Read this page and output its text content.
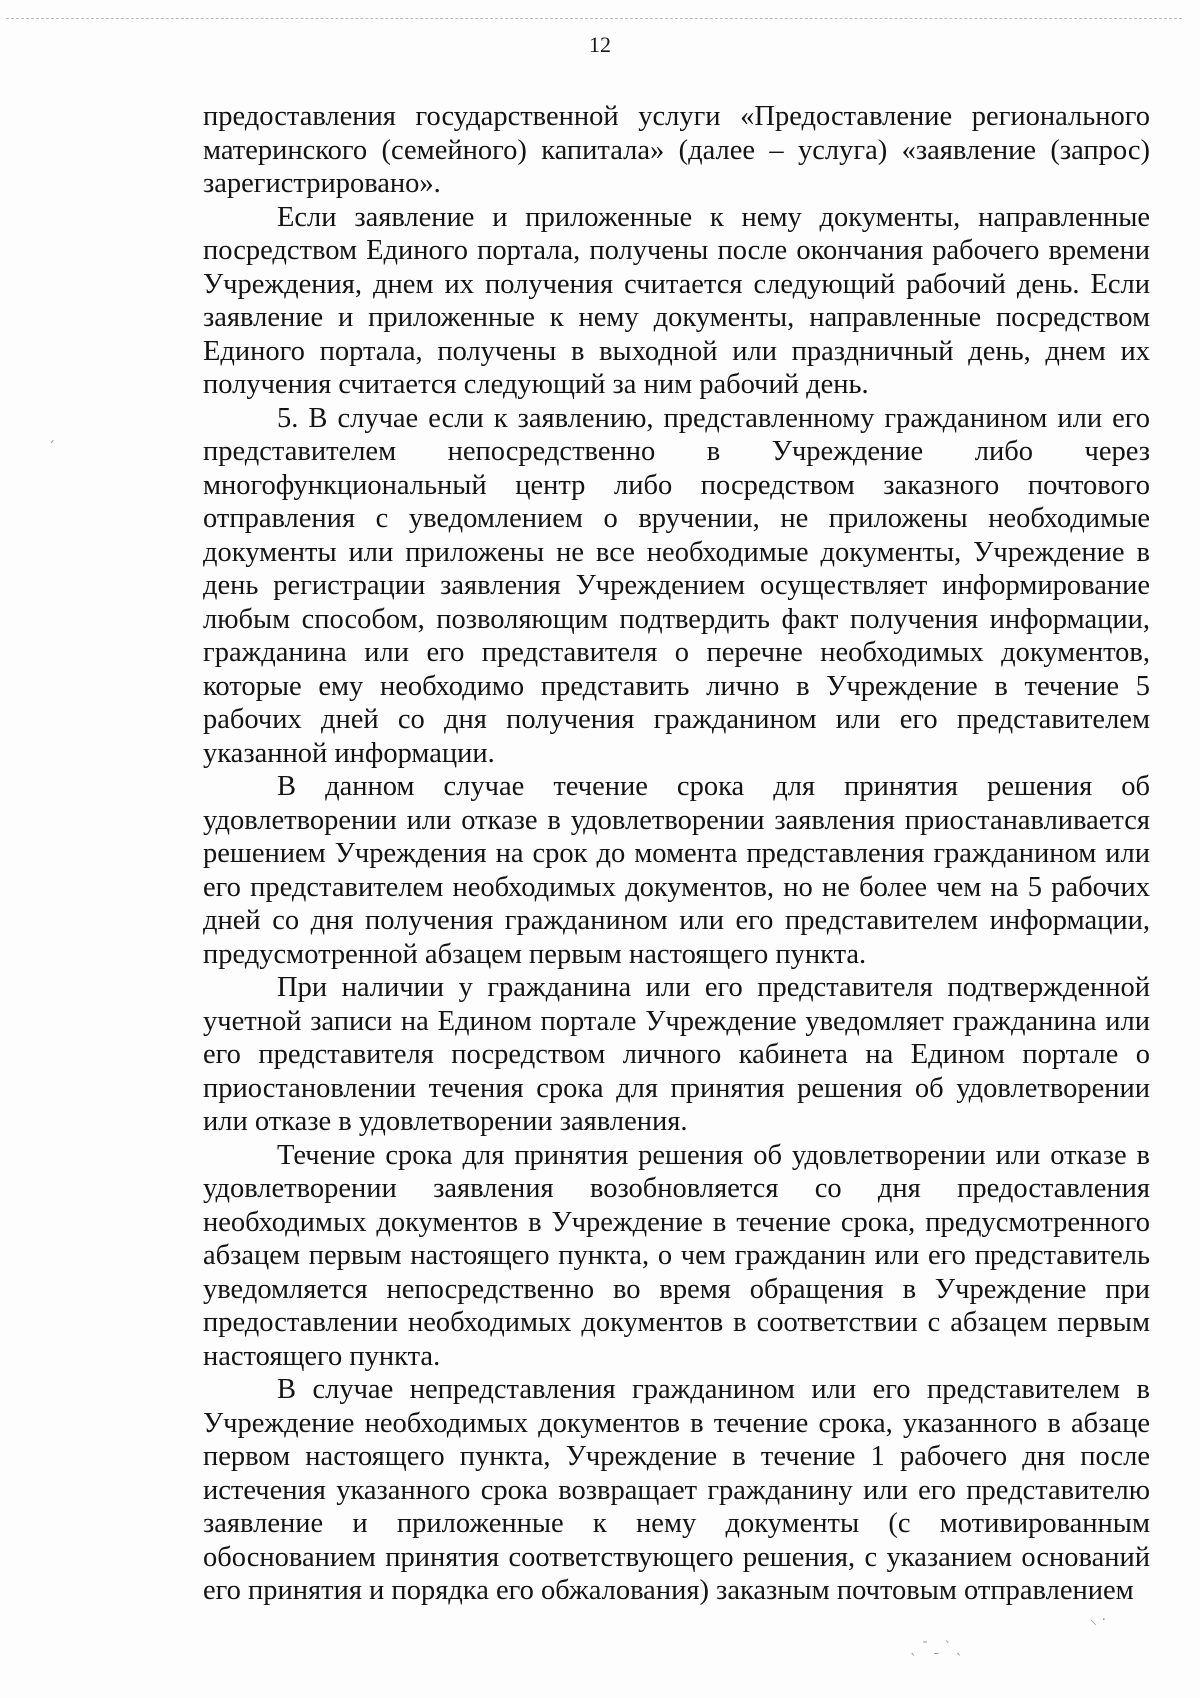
12

предоставления государственной услуги «Предоставление регионального материнского (семейного) капитала» (далее – услуга) «заявление (запрос) зарегистрировано».

Если заявление и приложенные к нему документы, направленные посредством Единого портала, получены после окончания рабочего времени Учреждения, днем их получения считается следующий рабочий день. Если заявление и приложенные к нему документы, направленные посредством Единого портала, получены в выходной или праздничный день, днем их получения считается следующий за ним рабочий день.

5. В случае если к заявлению, представленному гражданином или его представителем непосредственно в Учреждение либо через многофункциональный центр либо посредством заказного почтового отправления с уведомлением о вручении, не приложены необходимые документы или приложены не все необходимые документы, Учреждение в день регистрации заявления Учреждением осуществляет информирование любым способом, позволяющим подтвердить факт получения информации, гражданина или его представителя о перечне необходимых документов, которые ему необходимо представить лично в Учреждение в течение 5 рабочих дней со дня получения гражданином или его представителем указанной информации.

В данном случае течение срока для принятия решения об удовлетворении или отказе в удовлетворении заявления приостанавливается решением Учреждения на срок до момента представления гражданином или его представителем необходимых документов, но не более чем на 5 рабочих дней со дня получения гражданином или его представителем информации, предусмотренной абзацем первым настоящего пункта.

При наличии у гражданина или его представителя подтвержденной учетной записи на Едином портале Учреждение уведомляет гражданина или его представителя посредством личного кабинета на Едином портале о приостановлении течения срока для принятия решения об удовлетворении или отказе в удовлетворении заявления.

Течение срока для принятия решения об удовлетворении или отказе в удовлетворении заявления возобновляется со дня предоставления необходимых документов в Учреждение в течение срока, предусмотренного абзацем первым настоящего пункта, о чем гражданин или его представитель уведомляется непосредственно во время обращения в Учреждение при предоставлении необходимых документов в соответствии с абзацем первым настоящего пункта.

В случае непредставления гражданином или его представителем в Учреждение необходимых документов в течение срока, указанного в абзаце первом настоящего пункта, Учреждение в течение 1 рабочего дня после истечения указанного срока возвращает гражданину или его представителю заявление и приложенные к нему документы (с мотивированным обоснованием принятия соответствующего решения, с указанием оснований его принятия и порядка его обжалования) заказным почтовым отправлением

´
⸜ ·
ˎ ˉ ˍ ˋ ˎ
